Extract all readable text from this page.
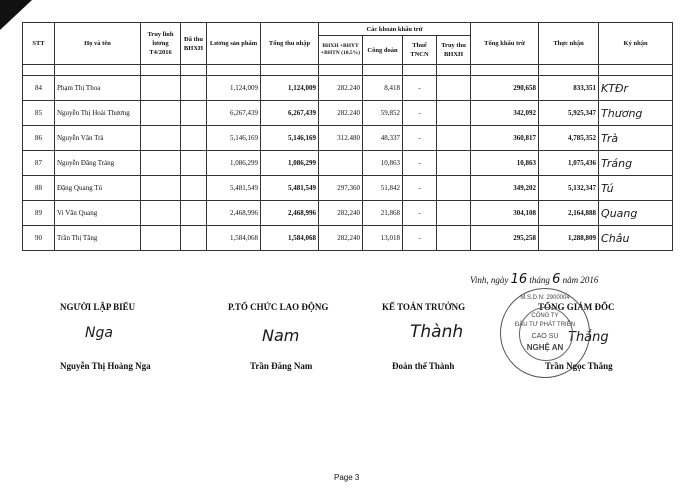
STT	Họ và tên	Truy lĩnh lương T4/2016	Đã thu BHXH	Lương sản phẩm	Tổng thu nhập	Các khoản khấu trừ				Tổng khấu trừ	Thực nhận	Ký nhận
						BHXH +BHYT +BHTN (10,5%)	Công đoàn	Thuế TNCN	Truy thu BHXH			

84	Phạm Thị Thoa			1,124,009	1,124,009	282.240	8,418	-		290,658	833,351	KTĐr
85	Nguyễn Thị Hoài Thương			6,267,439	6,267,439	282.240	59,852	-		342,092	5,925,347	Thương
86	Nguyễn Văn Trà			5,146,169	5,146,169	312.480	48,337	-		360,817	4,785,352	Trà
87	Nguyễn Đăng Tráng			1,086,299	1,086,299		10,863	-		10,863	1,075,436	Tráng
88	Đặng Quang Tú			5,481,549	5,481,549	297,360	51,842	-		349,202	5,132,347	Tú
89	Vi Văn Quang			2,468,996	2,468,996	282,240	21,868	-		304,108	2,164,888	Quang
90	Trần Thị Tăng			1,584,068	1,584,068	282,240	13,018	-		295,258	1,288,809	Châu
Vinh, ngày 16 tháng 6 năm 2016
NGƯỜI LẬP BIỂU	P.TỔ CHỨC LAO ĐỘNG	KẾ TOÁN TRƯỞNG	TỔNG GIÁM ĐỐC
Nga	Nam	Thành	Thắng
M.S.D.N: 2900004
CÔNG TY
ĐẦU TƯ PHÁT TRIỂN
CAO SU
NGHỆ AN
Nguyễn Thị Hoàng Nga	Trần Đăng Nam	Đoàn thế Thành	Trần Ngọc Thắng
Page 3
